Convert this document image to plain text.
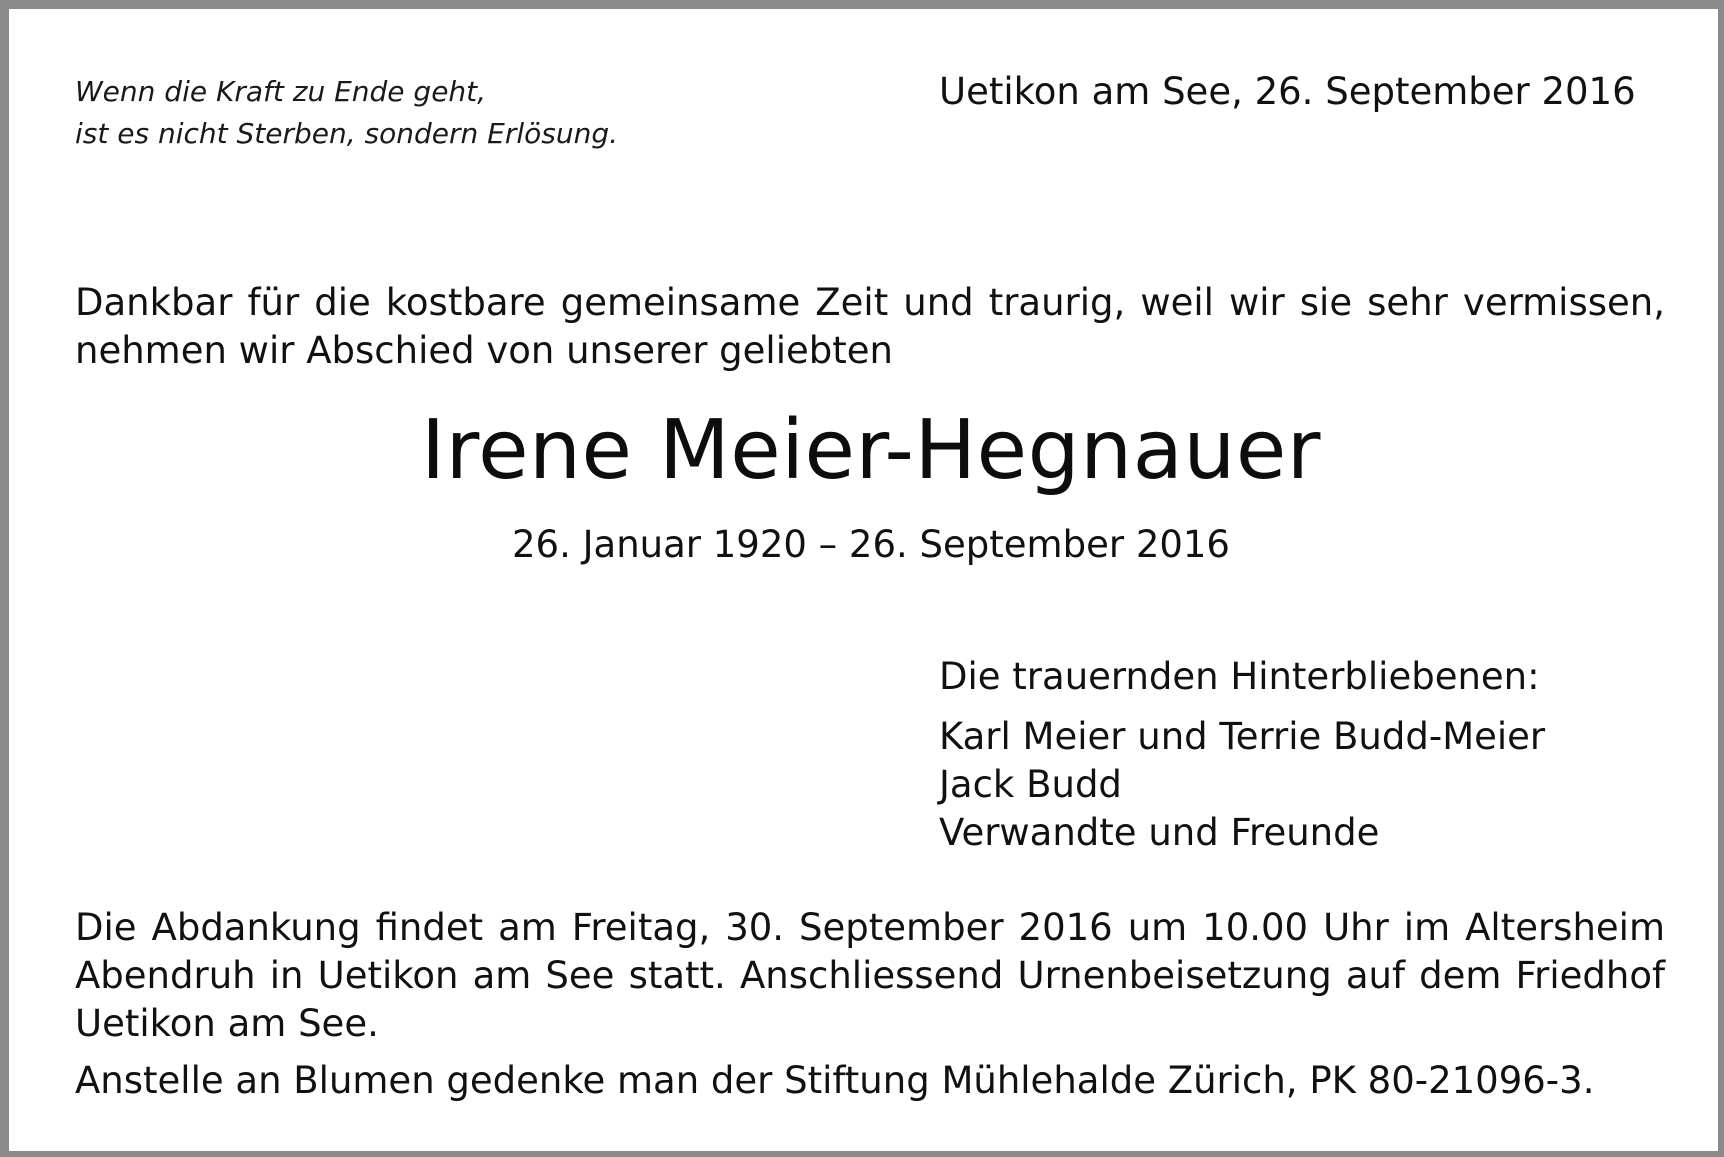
Wenn die Kraft zu Ende geht,
ist es nicht Sterben, sondern Erlösung.
Uetikon am See, 26. September 2016
Dankbar für die kostbare gemeinsame Zeit und traurig, weil wir sie sehr vermissen,
nehmen wir Abschied von unserer geliebten
Irene Meier-Hegnauer
26. Januar 1920 – 26. September 2016
Die trauernden Hinterbliebenen:
Karl Meier und Terrie Budd-Meier
Jack Budd
Verwandte und Freunde
Die Abdankung findet am Freitag, 30. September 2016 um 10.00 Uhr im Altersheim
Abendruh in Uetikon am See statt. Anschliessend Urnenbeisetzung auf dem Friedhof
Uetikon am See.
Anstelle an Blumen gedenke man der Stiftung Mühlehalde Zürich, PK 80-21096-3.
